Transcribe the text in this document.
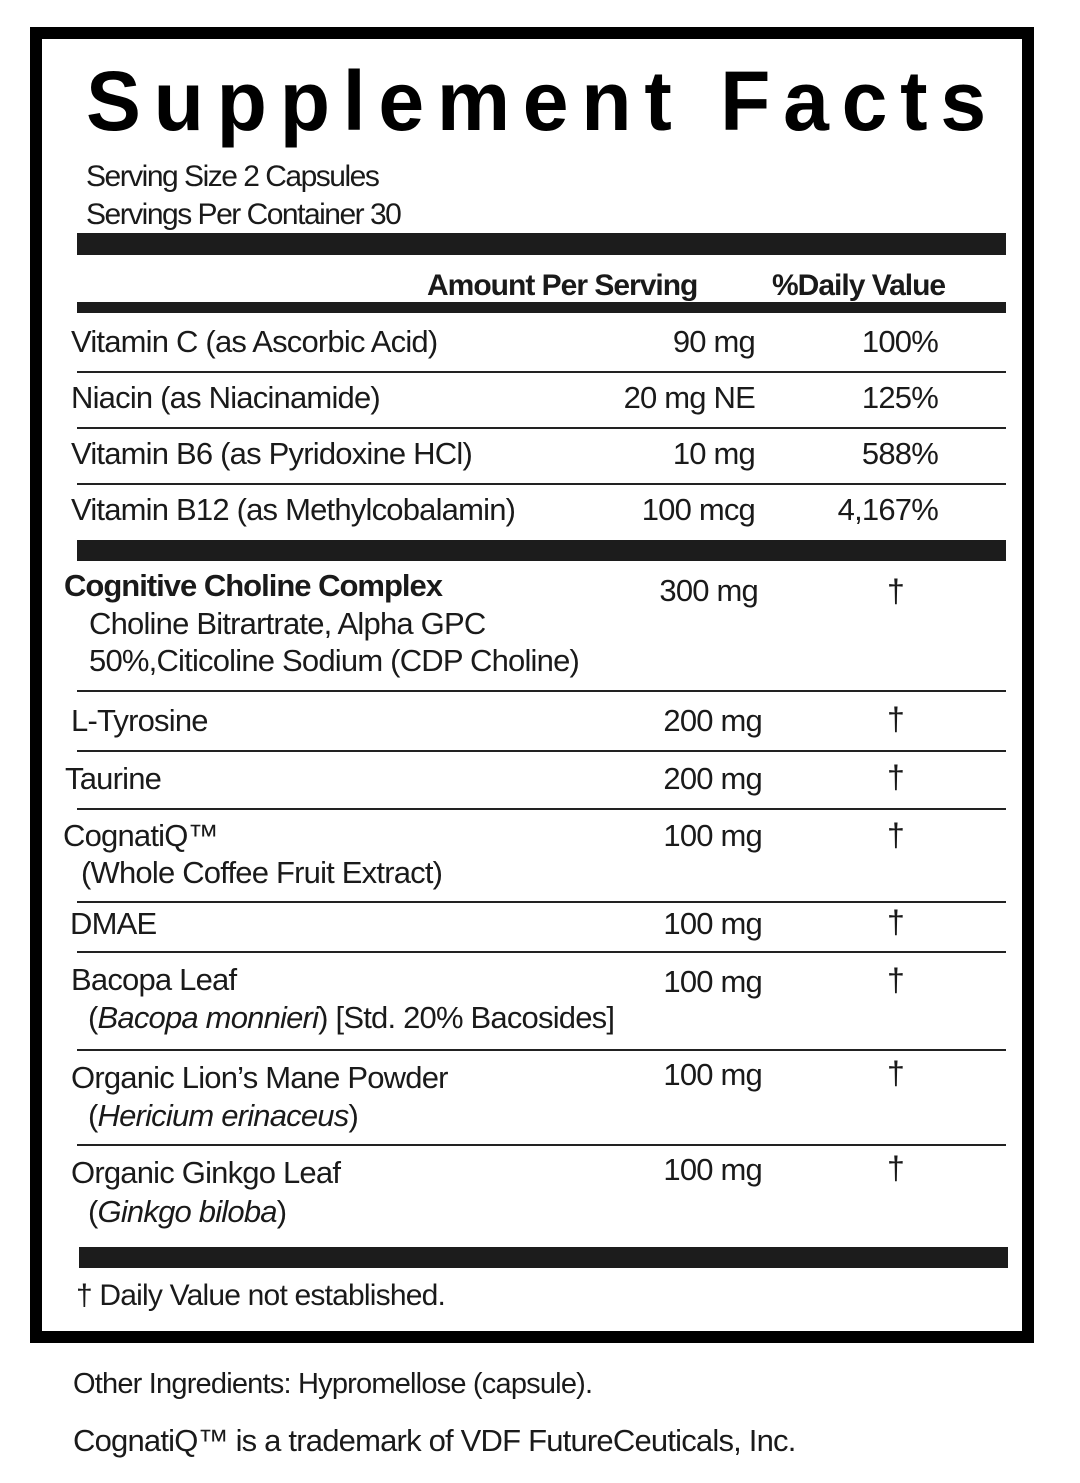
Supplement Facts
Serving Size 2 Capsules
Servings Per Container 30
Amount Per Serving %Daily Value
Vitamin C (as Ascorbic Acid)	90 mg	100%
Niacin (as Niacinamide)	20 mg NE	125%
Vitamin B6 (as Pyridoxine HCl)	10 mg	588%
Vitamin B12 (as Methylcobalamin)	100 mcg	4,167%
Cognitive Choline Complex	300 mg	†
Choline Bitrartrate, Alpha GPC
50%,Citicoline Sodium (CDP Choline)
L-Tyrosine	200 mg	†
Taurine	200 mg	†
CognatiQ™	100 mg	†
(Whole Coffee Fruit Extract)
DMAE	100 mg	†
Bacopa Leaf	100 mg	†
(Bacopa monnieri) [Std. 20% Bacosides]
Organic Lion’s Mane Powder	100 mg	†
(Hericium erinaceus)
Organic Ginkgo Leaf	100 mg	†
(Ginkgo biloba)
† Daily Value not established.
Other Ingredients: Hypromellose (capsule).
CognatiQ™ is a trademark of VDF FutureCeuticals, Inc.
